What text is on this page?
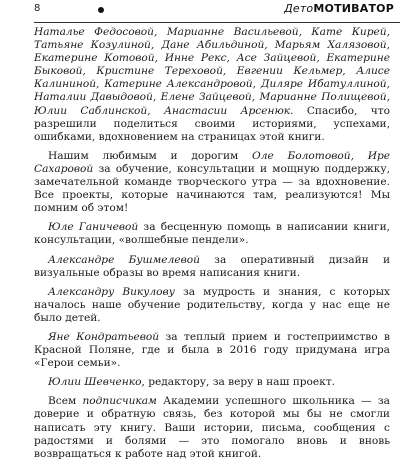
8	ДетоМОТИВАТОР

Наталье Федосовой, Марианне Васильевой, Кате Кирей, Татьяне Козулиной, Дане Абильдиной, Марьям Халязовой, Екатерине Котовой, Инне Рекс, Асе Зайцевой, Екатерине Быковой, Кристине Тереховой, Евгении Кельмер, Алисе Калининой, Катерине Александровой, Диляре Ибатуллиной, Наталии Давыдовой, Елене Зайцевой, Марианне Полищевой, Юлии Саблинской, Анастасии Арсенюк. Спасибо, что разрешили поделиться своими историями, успехами, ошибками, вдохновением на страницах этой книги.

Нашим любимым и дорогим Оле Болотовой, Ире Сахаровой за обучение, консультации и мощную поддержку, замечательной команде творческого утра — за вдохновение. Все проекты, которые начинаются там, реализуются! Мы помним об этом!

Юле Ганичевой за бесценную помощь в написании книги, консультации, «волшебные пендели».

Александре Бушмелевой за оперативный дизайн и визуальные образы во время написания книги.

Александру Викулову за мудрость и знания, с которых началось наше обучение родительству, когда у нас еще не было детей.

Яне Кондратьевой за теплый прием и гостеприимство в Красной Поляне, где и была в 2016 году придумана игра «Герои семьи».

Юлии Шевченко, редактору, за веру в наш проект.

Всем подписчикам Академии успешного школьника — за доверие и обратную связь, без которой мы бы не смогли написать эту книгу. Ваши истории, письма, сообщения с радостями и болями — это помогало вновь и вновь возвращаться к работе над этой книгой.
